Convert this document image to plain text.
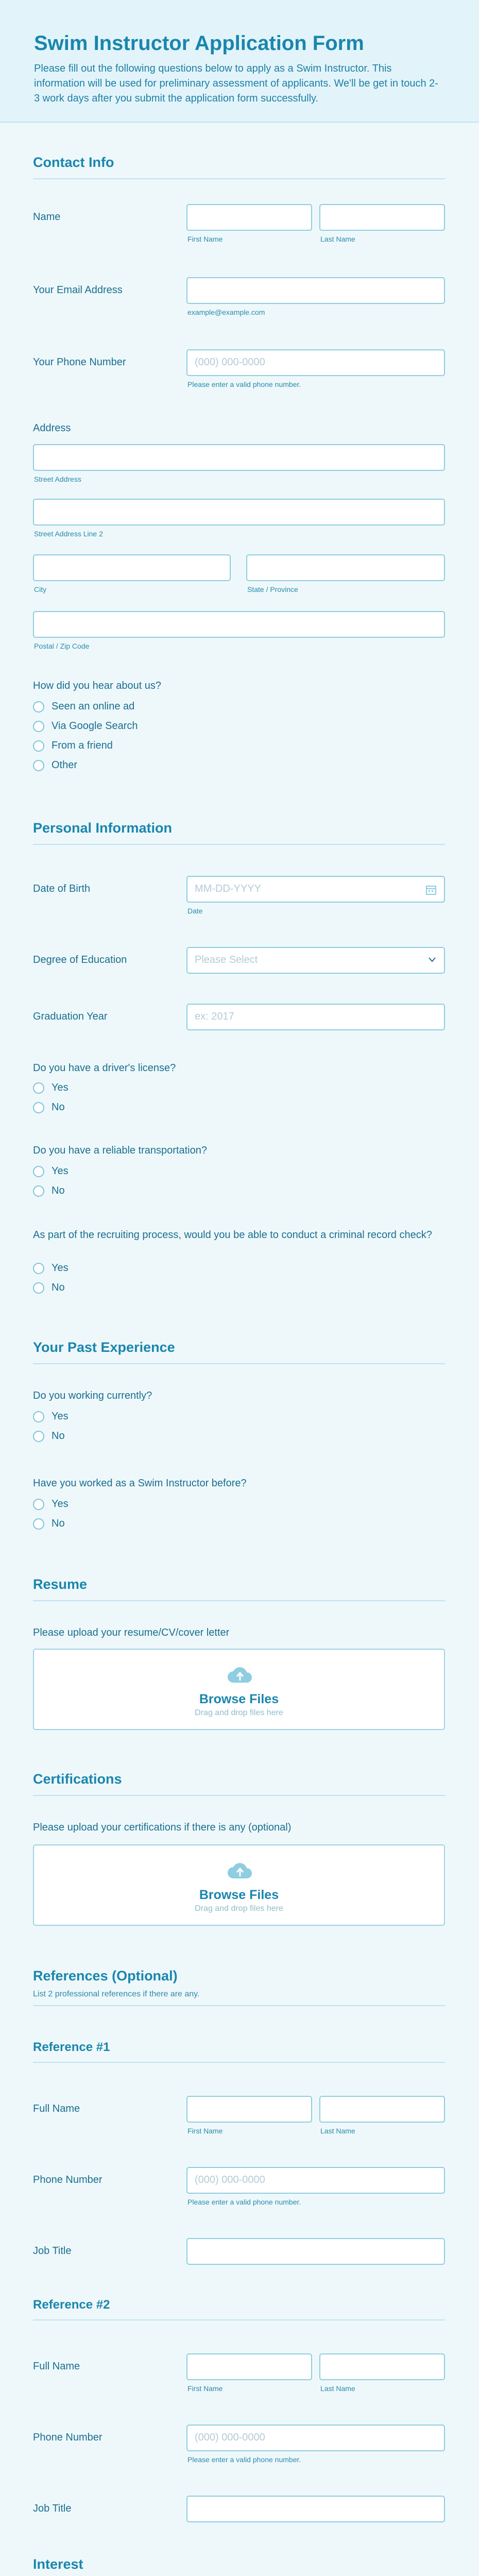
Swim Instructor Application Form

Please fill out the following questions below to apply as a Swim Instructor. This information will be used for preliminary assessment of applicants. We'll be get in touch 2-3 work days after you submit the application form successfully.

Contact Info
Name
First Name	Last Name
Your Email Address
example@example.com
Your Phone Number	(000) 000-0000
Please enter a valid phone number.
Address
Street Address
Street Address Line 2
City	State / Province
Postal / Zip Code
How did you hear about us?
Seen an online ad
Via Google Search
From a friend
Other
Personal Information
Date of Birth	MM-DD-YYYY
Date
Degree of Education	Please Select
Graduation Year	ex: 2017
Do you have a driver's license?
Yes
No
Do you have a reliable transportation?
Yes
No
As part of the recruiting process, would you be able to conduct a criminal record check?
Yes
No
Your Past Experience
Do you working currently?
Yes
No
Have you worked as a Swim Instructor before?
Yes
No
Resume
Please upload your resume/CV/cover letter
Browse Files
Drag and drop files here
Certifications
Please upload your certifications if there is any (optional)
Browse Files
Drag and drop files here
References (Optional)
List 2 professional references if there are any.
Reference #1
Full Name
First Name	Last Name
Phone Number	(000) 000-0000
Please enter a valid phone number.
Job Title
Reference #2
Full Name
First Name	Last Name
Phone Number	(000) 000-0000
Please enter a valid phone number.
Job Title
Interest
